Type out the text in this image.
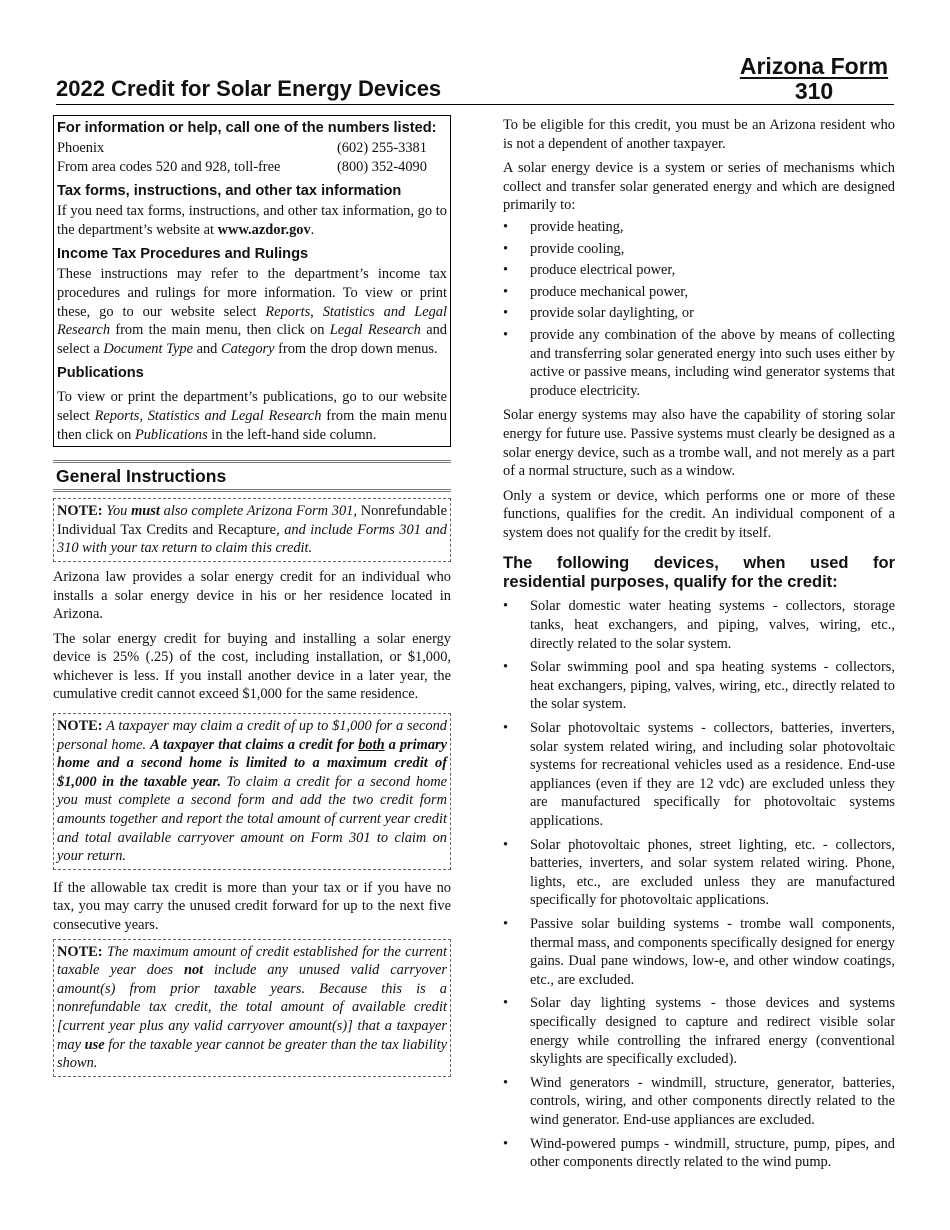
Arizona Form
310
2022 Credit for Solar Energy Devices
For information or help, call one of the numbers listed:
Phoenix	(602) 255-3381
From area codes 520 and 928, toll-free	(800) 352-4090
Tax forms, instructions, and other tax information

If you need tax forms, instructions, and other tax information, go to the department’s website at www.azdor.gov.

Income Tax Procedures and Rulings

These instructions may refer to the department’s income tax procedures and rulings for more information. To view or print these, go to our website select Reports, Statistics and Legal Research from the main menu, then click on Legal Research and select a Document Type and Category from the drop down menus.

Publications

To view or print the department’s publications, go to our website select Reports, Statistics and Legal Research from the main menu then click on Publications in the left-hand side column.

General Instructions
NOTE: You must also complete Arizona Form 301, Nonrefundable Individual Tax Credits and Recapture, and include Forms 301 and 310 with your tax return to claim this credit.

Arizona law provides a solar energy credit for an individual who installs a solar energy device in his or her residence located in Arizona.

The solar energy credit for buying and installing a solar energy device is 25% (.25) of the cost, including installation, or $1,000, whichever is less. If you install another device in a later year, the cumulative credit cannot exceed $1,000 for the same residence.

NOTE: A taxpayer may claim a credit of up to $1,000 for a second personal home. A taxpayer that claims a credit for both a primary home and a second home is limited to a maximum credit of $1,000 in the taxable year. To claim a credit for a second home you must complete a second form and add the two credit form amounts together and report the total amount of current year credit and total available carryover amount on Form 301 to claim on your return.

If the allowable tax credit is more than your tax or if you have no tax, you may carry the unused credit forward for up to the next five consecutive years.

NOTE: The maximum amount of credit established for the current taxable year does not include any unused valid carryover amount(s) from prior taxable years. Because this is a nonrefundable tax credit, the total amount of available credit [current year plus any valid carryover amount(s)] that a taxpayer may use for the taxable year cannot be greater than the tax liability shown.

To be eligible for this credit, you must be an Arizona resident who is not a dependent of another taxpayer.

A solar energy device is a system or series of mechanisms which collect and transfer solar generated energy and which are designed primarily to:

• provide heating,
• provide cooling,
• produce electrical power,
• produce mechanical power,
• provide solar daylighting, or
• provide any combination of the above by means of collecting and transferring solar generated energy into such uses either by active or passive means, including wind generator systems that produce electricity.

Solar energy systems may also have the capability of storing solar energy for future use. Passive systems must clearly be designed as a solar energy device, such as a trombe wall, and not merely as a part of a normal structure, such as a window.

Only a system or device, which performs one or more of these functions, qualifies for the credit. An individual component of a system does not qualify for the credit by itself.

The following devices, when used for
residential purposes, qualify for the credit:
• Solar domestic water heating systems - collectors, storage tanks, heat exchangers, and piping, valves, wiring, etc., directly related to the solar system.
• Solar swimming pool and spa heating systems - collectors, heat exchangers, piping, valves, wiring, etc., directly related to the solar system.
• Solar photovoltaic systems - collectors, batteries, inverters, solar system related wiring, and including solar photovoltaic systems for recreational vehicles used as a residence. End-use appliances (even if they are 12 vdc) are excluded unless they are manufactured specifically for photovoltaic systems applications.
• Solar photovoltaic phones, street lighting, etc. - collectors, batteries, inverters, and solar system related wiring. Phone, lights, etc., are excluded unless they are manufactured specifically for photovoltaic applications.
• Passive solar building systems - trombe wall components, thermal mass, and components specifically designed for energy gains. Dual pane windows, low-e, and other window coatings, etc., are excluded.
• Solar day lighting systems - those devices and systems specifically designed to capture and redirect visible solar energy while controlling the infrared energy (conventional skylights are specifically excluded).
• Wind generators - windmill, structure, generator, batteries, controls, wiring, and other components directly related to the wind generator. End-use appliances are excluded.
• Wind-powered pumps - windmill, structure, pump, pipes, and other components directly related to the wind pump.
